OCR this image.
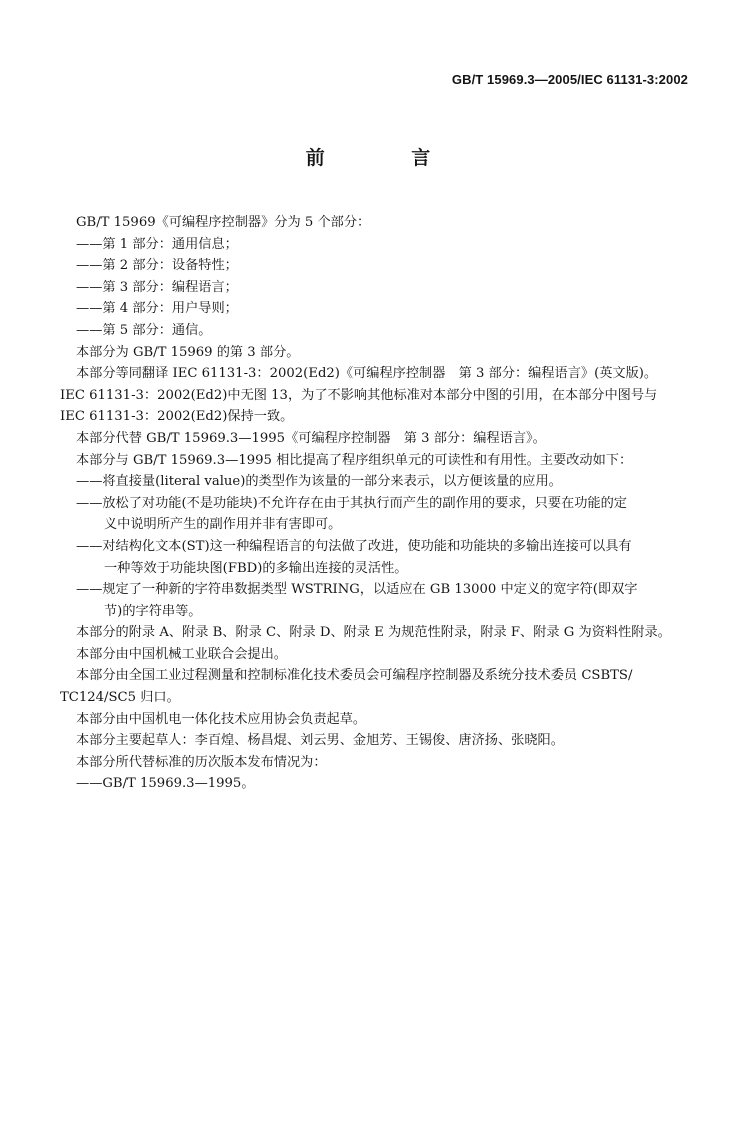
GB/T 15969.3—2005/IEC 61131-3:2002
前 言

GB/T 15969《可编程序控制器》分为 5 个部分：

——第 1 部分：通用信息；

——第 2 部分：设备特性；

——第 3 部分：编程语言；

——第 4 部分：用户导则；

——第 5 部分：通信。

本部分为 GB/T 15969 的第 3 部分。

本部分等同翻译 IEC 61131-3：2002(Ed2)《可编程序控制器　第 3 部分：编程语言》(英文版)。

IEC 61131-3：2002(Ed2)中无图 13，为了不影响其他标准对本部分中图的引用，在本部分中图号与

IEC 61131-3：2002(Ed2)保持一致。

本部分代替 GB/T 15969.3—1995《可编程序控制器　第 3 部分：编程语言》。

本部分与 GB/T 15969.3—1995 相比提高了程序组织单元的可读性和有用性。主要改动如下：

——将直接量(literal value)的类型作为该量的一部分来表示，以方便该量的应用。

——放松了对功能(不是功能块)不允许存在由于其执行而产生的副作用的要求，只要在功能的定

义中说明所产生的副作用并非有害即可。

——对结构化文本(ST)这一种编程语言的句法做了改进，使功能和功能块的多输出连接可以具有

一种等效于功能块图(FBD)的多输出连接的灵活性。

——规定了一种新的字符串数据类型 WSTRING，以适应在 GB 13000 中定义的宽字符(即双字

节)的字符串等。

本部分的附录 A、附录 B、附录 C、附录 D、附录 E 为规范性附录，附录 F、附录 G 为资料性附录。

本部分由中国机械工业联合会提出。

本部分由全国工业过程测量和控制标准化技术委员会可编程序控制器及系统分技术委员 CSBTS/

TC124/SC5 归口。

本部分由中国机电一体化技术应用协会负责起草。

本部分主要起草人：李百煌、杨昌焜、刘云男、金旭芳、王锡俊、唐济扬、张晓阳。

本部分所代替标准的历次版本发布情况为：

——GB/T 15969.3—1995。
